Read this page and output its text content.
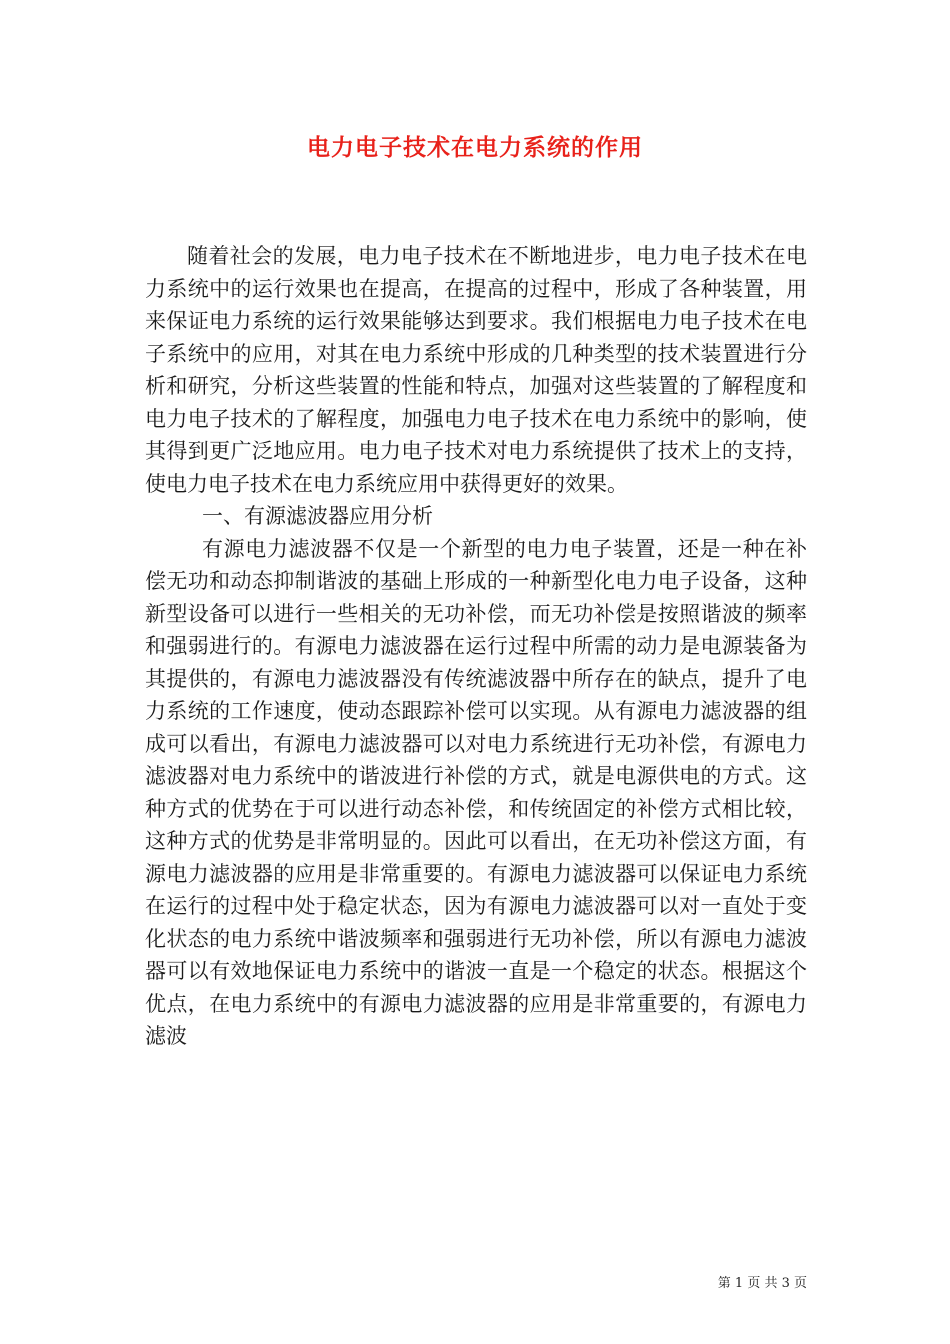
电力电子技术在电力系统的作用

随着社会的发展，电力电子技术在不断地进步，电力电子技术在电力系统中的运行效果也在提高，在提高的过程中，形成了各种装置，用来保证电力系统的运行效果能够达到要求。我们根据电力电子技术在电子系统中的应用，对其在电力系统中形成的几种类型的技术装置进行分析和研究，分析这些装置的性能和特点，加强对这些装置的了解程度和电力电子技术的了解程度，加强电力电子技术在电力系统中的影响，使其得到更广泛地应用。电力电子技术对电力系统提供了技术上的支持，使电力电子技术在电力系统应用中获得更好的效果。

一、有源滤波器应用分析

有源电力滤波器不仅是一个新型的电力电子装置，还是一种在补偿无功和动态抑制谐波的基础上形成的一种新型化电力电子设备，这种新型设备可以进行一些相关的无功补偿，而无功补偿是按照谐波的频率和强弱进行的。有源电力滤波器在运行过程中所需的动力是电源装备为其提供的，有源电力滤波器没有传统滤波器中所存在的缺点，提升了电力系统的工作速度，使动态跟踪补偿可以实现。从有源电力滤波器的组成可以看出，有源电力滤波器可以对电力系统进行无功补偿，有源电力滤波器对电力系统中的谐波进行补偿的方式，就是电源供电的方式。这种方式的优势在于可以进行动态补偿，和传统固定的补偿方式相比较，这种方式的优势是非常明显的。因此可以看出，在无功补偿这方面，有源电力滤波器的应用是非常重要的。有源电力滤波器可以保证电力系统在运行的过程中处于稳定状态，因为有源电力滤波器可以对一直处于变化状态的电力系统中谐波频率和强弱进行无功补偿，所以有源电力滤波器可以有效地保证电力系统中的谐波一直是一个稳定的状态。根据这个优点，在电力系统中的有源电力滤波器的应用是非常重要的，有源电力滤波

第 1 页 共 3 页
